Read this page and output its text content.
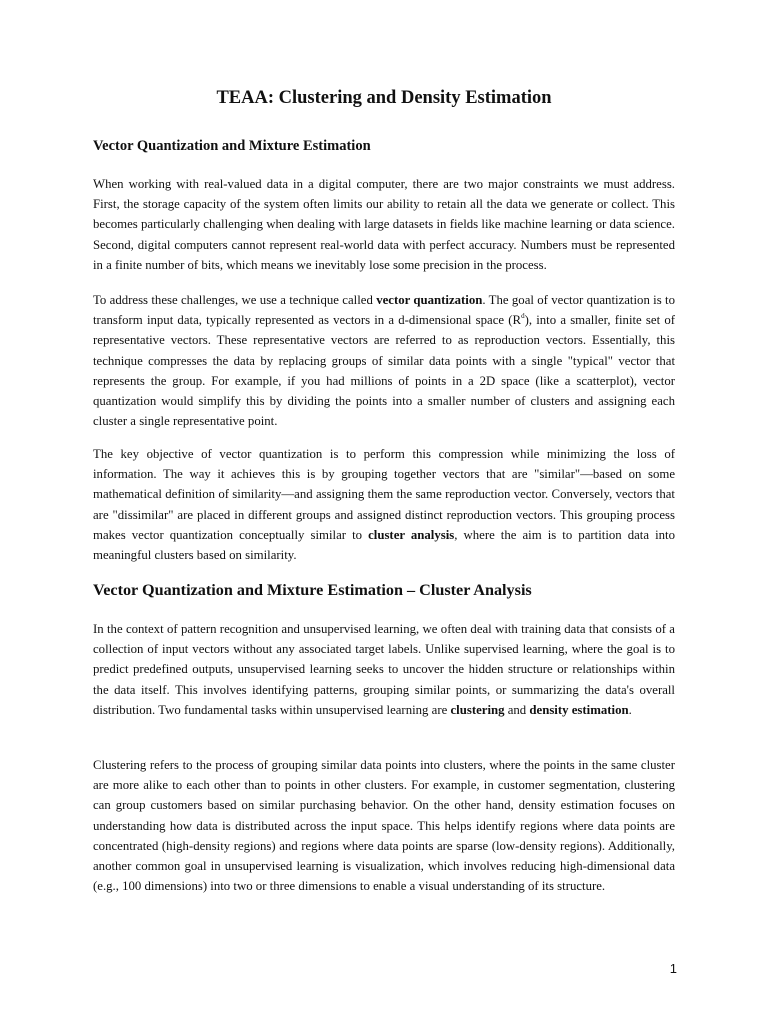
TEAA: Clustering and Density Estimation
Vector Quantization and Mixture Estimation

When working with real-valued data in a digital computer, there are two major constraints we must address. First, the storage capacity of the system often limits our ability to retain all the data we generate or collect. This becomes particularly challenging when dealing with large datasets in fields like machine learning or data science. Second, digital computers cannot represent real-world data with perfect accuracy. Numbers must be represented in a finite number of bits, which means we inevitably lose some precision in the process.

To address these challenges, we use a technique called vector quantization. The goal of vector quantization is to transform input data, typically represented as vectors in a d-dimensional space $(R^d)$, into a smaller, finite set of representative vectors. These representative vectors are referred to as reproduction vectors. Essentially, this technique compresses the data by replacing groups of similar data points with a single "typical" vector that represents the group. For example, if you had millions of points in a 2D space (like a scatterplot), vector quantization would simplify this by dividing the points into a smaller number of clusters and assigning each cluster a single representative point.

The key objective of vector quantization is to perform this compression while minimizing the loss of information. The way it achieves this is by grouping together vectors that are "similar"—based on some mathematical definition of similarity—and assigning them the same reproduction vector. Conversely, vectors that are "dissimilar" are placed in different groups and assigned distinct reproduction vectors. This grouping process makes vector quantization conceptually similar to cluster analysis, where the aim is to partition data into meaningful clusters based on similarity.

Vector Quantization and Mixture Estimation – Cluster Analysis

In the context of pattern recognition and unsupervised learning, we often deal with training data that consists of a collection of input vectors without any associated target labels. Unlike supervised learning, where the goal is to predict predefined outputs, unsupervised learning seeks to uncover the hidden structure or relationships within the data itself. This involves identifying patterns, grouping similar points, or summarizing the data's overall distribution. Two fundamental tasks within unsupervised learning are clustering and density estimation.

Clustering refers to the process of grouping similar data points into clusters, where the points in the same cluster are more alike to each other than to points in other clusters. For example, in customer segmentation, clustering can group customers based on similar purchasing behavior. On the other hand, density estimation focuses on understanding how data is distributed across the input space. This helps identify regions where data points are concentrated (high-density regions) and regions where data points are sparse (low-density regions). Additionally, another common goal in unsupervised learning is visualization, which involves reducing high-dimensional data (e.g., 100 dimensions) into two or three dimensions to enable a visual understanding of its structure.

1
